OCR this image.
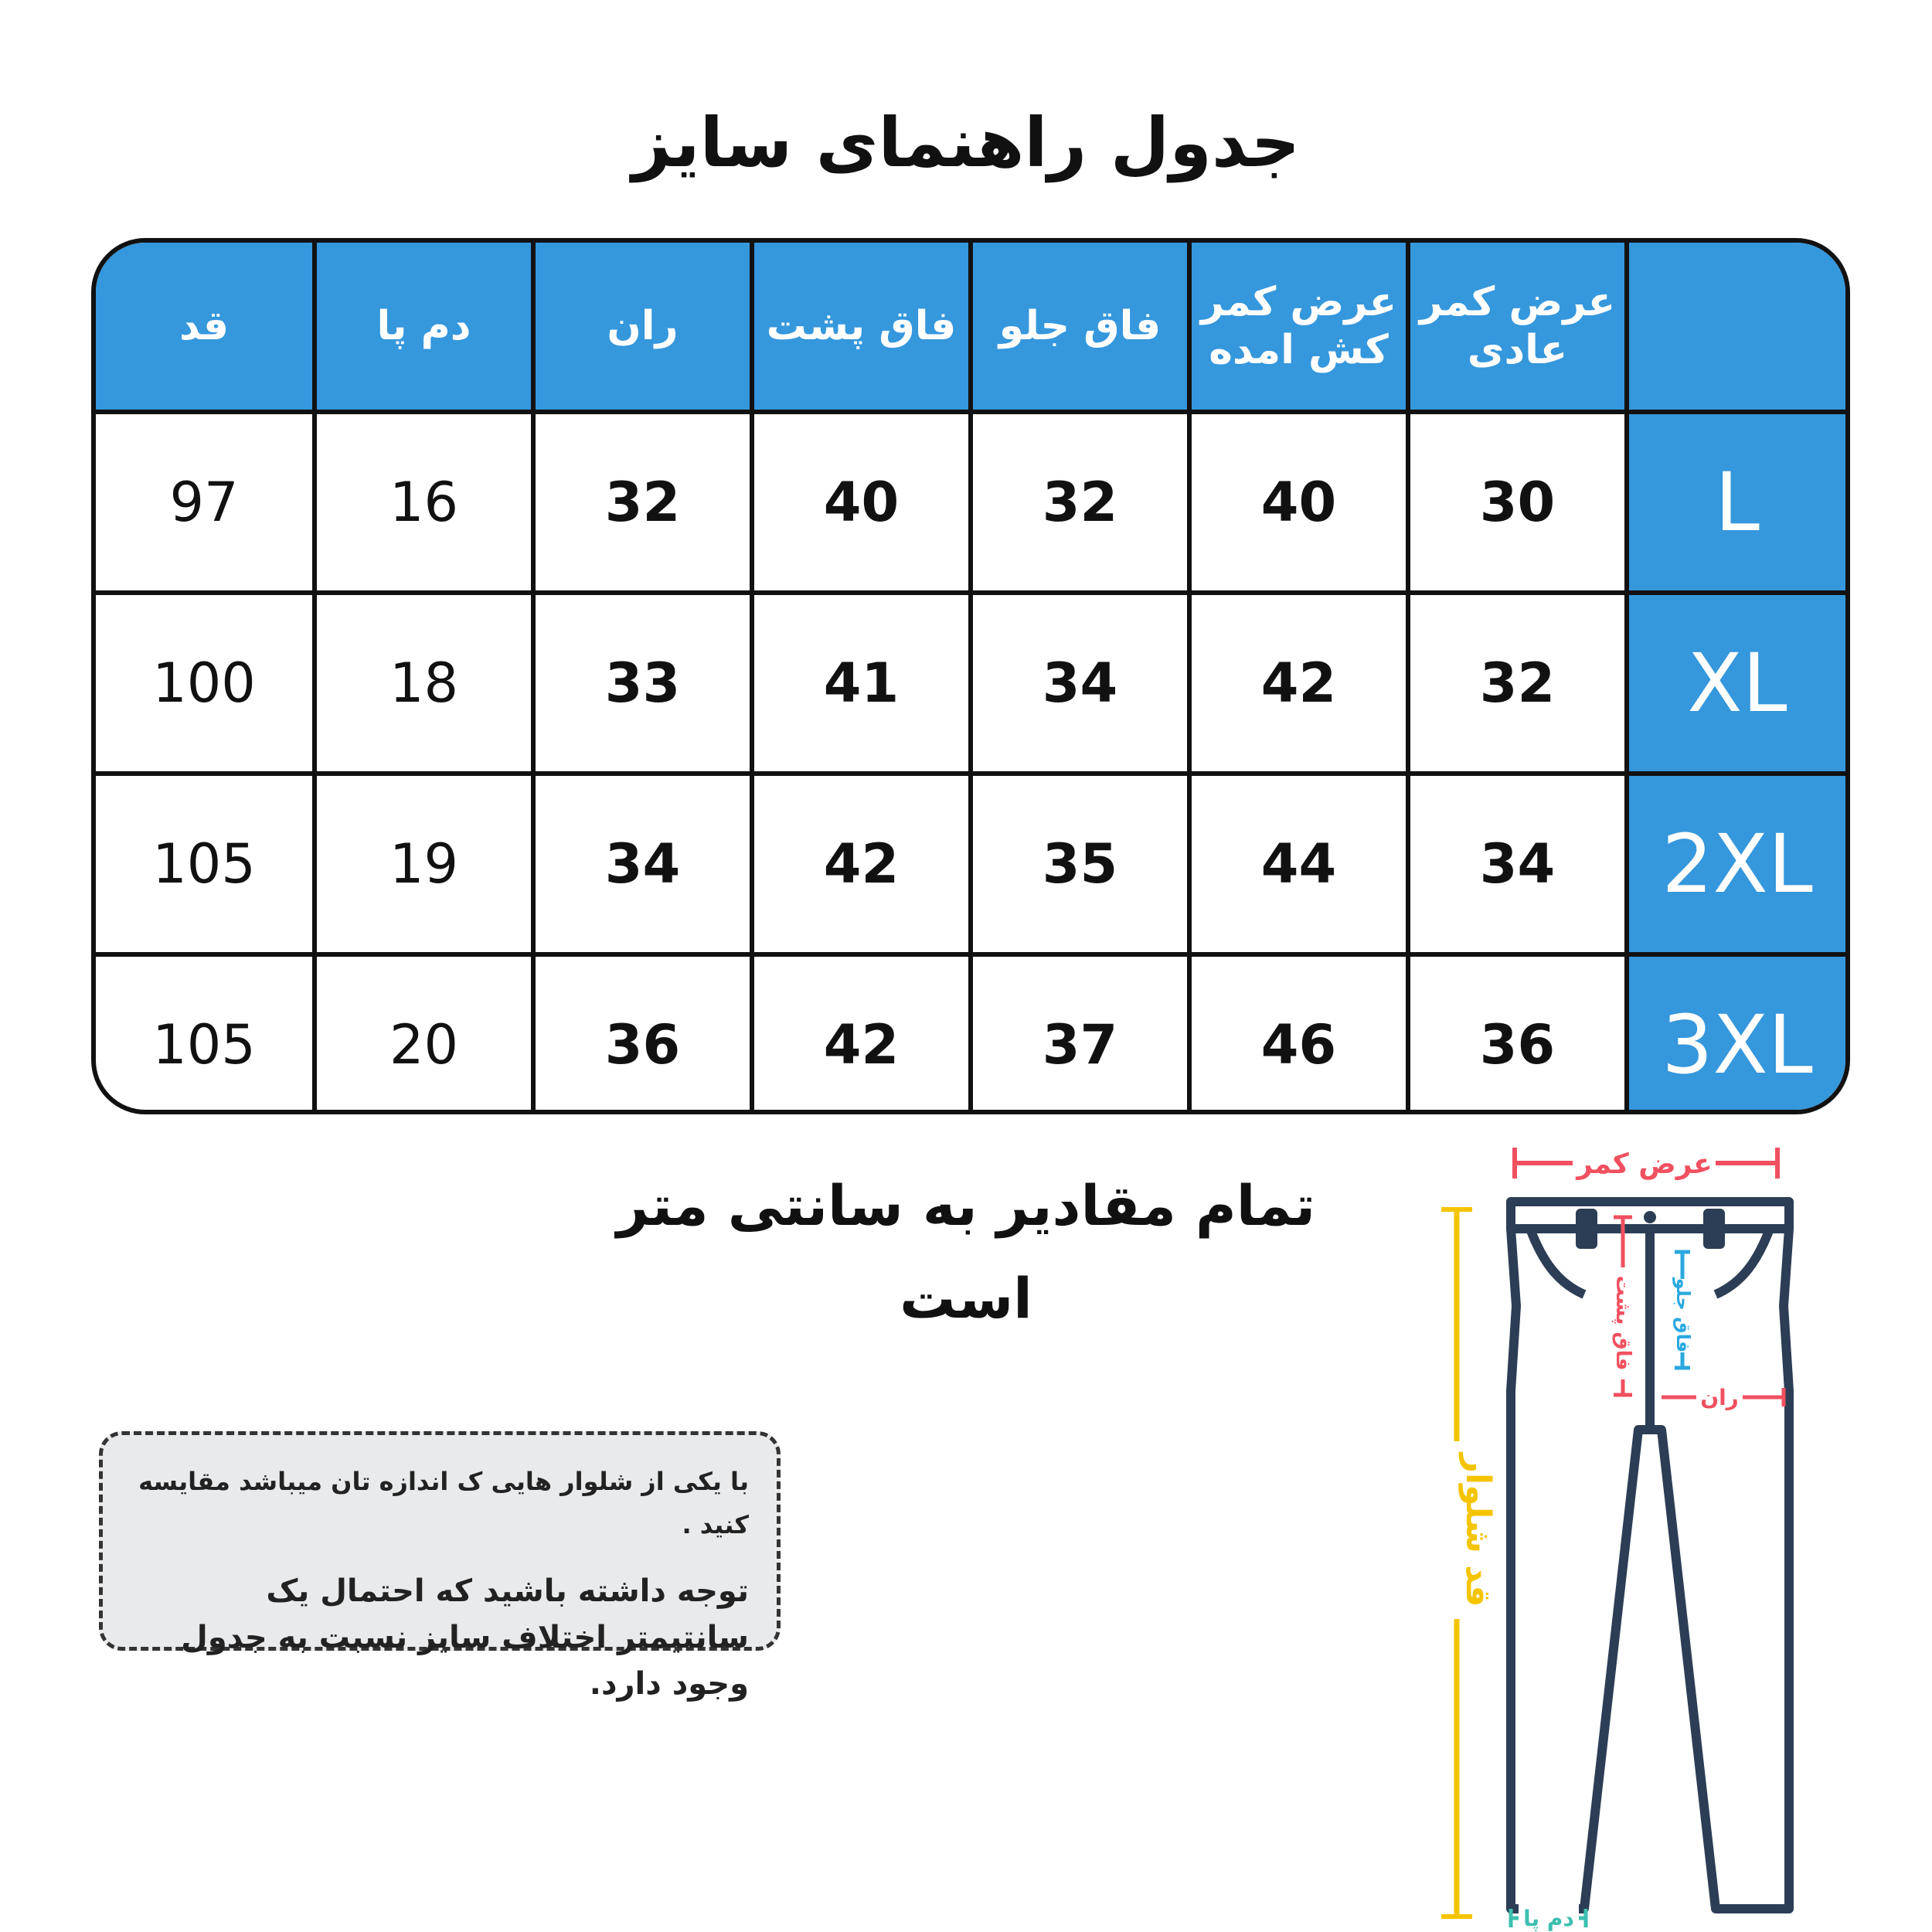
جدول راهنمای سایز
قد	دم پا	ران	فاق پشت	فاق جلو	عرض کمر کش امده	عرض کمر عادی	
97	16	32	40	32	40	30	L
100	18	33	41	34	42	32	XL
105	19	34	42	35	44	34	2XL
105	20	36	42	37	46	36	3XL
تمام مقادیر به سانتی متر است
با یکی از شلوار هایی ک اندازه تان میباشد مقایسه کنید .
توجه داشته باشید که احتمال یک سانتیمتر اختلاف سایز نسبت به جدول وجود دارد.
عرض کمر
قد شلوار
فاق پشت فاق جلو
ران
دم پا
